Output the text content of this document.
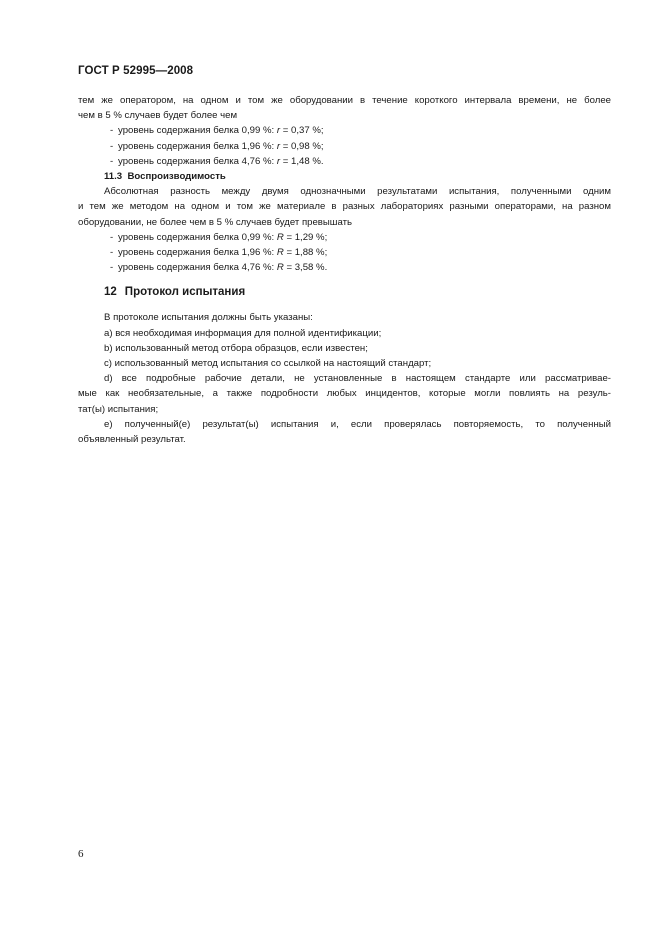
ГОСТ Р 52995—2008
тем же оператором, на одном и том же оборудовании в течение короткого интервала времени, не более
чем в 5 % случаев будет более чем
- уровень содержания белка 0,99 %: r = 0,37 %;
- уровень содержания белка 1,96 %: r = 0,98 %;
- уровень содержания белка 4,76 %: r = 1,48 %.
11.3 Воспроизводимость
Абсолютная разность между двумя однозначными результатами испытания, полученными одним
и тем же методом на одном и том же материале в разных лабораториях разными операторами, на разном
оборудовании, не более чем в 5 % случаев будет превышать
- уровень содержания белка 0,99 %: R = 1,29 %;
- уровень содержания белка 1,96 %: R = 1,88 %;
- уровень содержания белка 4,76 %: R = 3,58 %.
12 Протокол испытания
В протоколе испытания должны быть указаны:
a) вся необходимая информация для полной идентификации;
b) использованный метод отбора образцов, если известен;
c) использованный метод испытания со ссылкой на настоящий стандарт;
d) все подробные рабочие детали, не установленные в настоящем стандарте или рассматривае-
мые как необязательные, а также подробности любых инцидентов, которые могли повлиять на резуль-
тат(ы) испытания;
e) полученный(е) результат(ы) испытания и, если проверялась повторяемость, то полученный
объявленный результат.
6
